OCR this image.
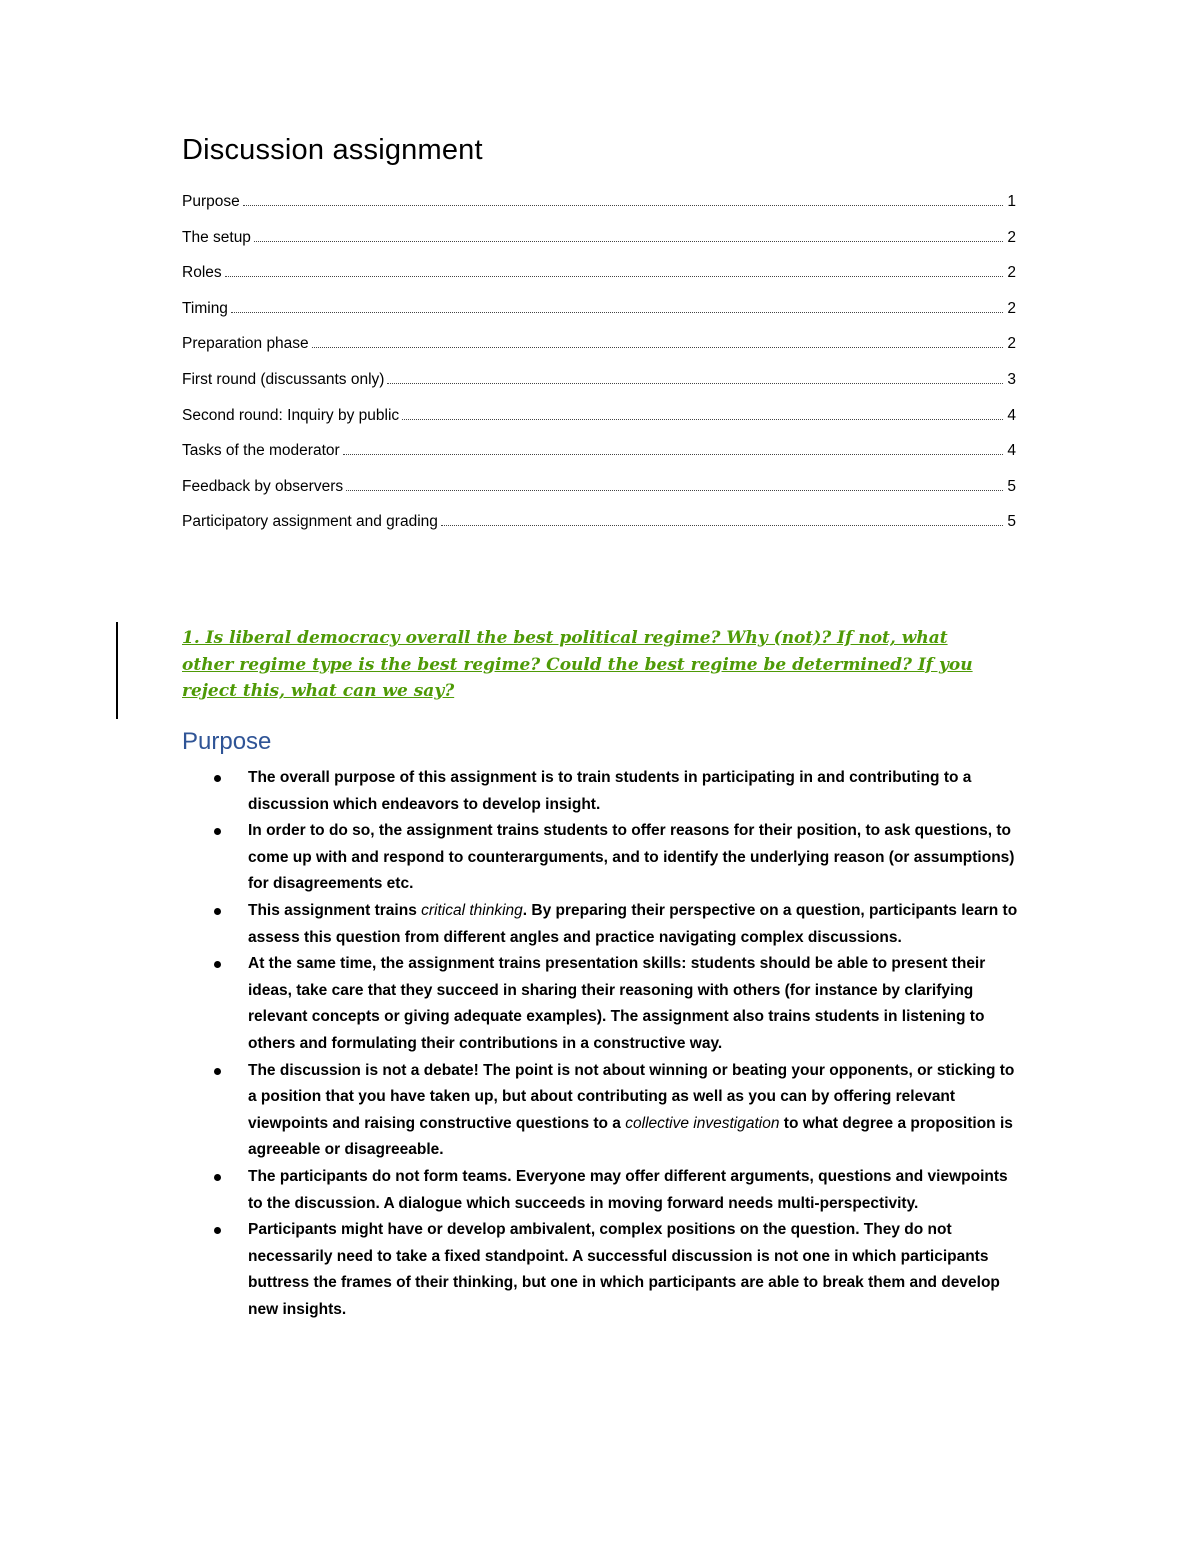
Discussion assignment
Purpose	1
The setup	2
Roles	2
Timing	2
Preparation phase	2
First round (discussants only)	3
Second round: Inquiry by public	4
Tasks of the moderator	4
Feedback by observers	5
Participatory assignment and grading	5

1. Is liberal democracy overall the best political regime? Why (not)? If not, what other regime type is the best regime? Could the best regime be determined? If you reject this, what can we say?

Purpose
The overall purpose of this assignment is to train students in participating in and contributing to a discussion which endeavors to develop insight.
In order to do so, the assignment trains students to offer reasons for their position, to ask questions, to come up with and respond to counterarguments, and to identify the underlying reason (or assumptions) for disagreements etc.
This assignment trains critical thinking. By preparing their perspective on a question, participants learn to assess this question from different angles and practice navigating complex discussions.
At the same time, the assignment trains presentation skills: students should be able to present their ideas, take care that they succeed in sharing their reasoning with others (for instance by clarifying relevant concepts or giving adequate examples). The assignment also trains students in listening to others and formulating their contributions in a constructive way.
The discussion is not a debate! The point is not about winning or beating your opponents, or sticking to a position that you have taken up, but about contributing as well as you can by offering relevant viewpoints and raising constructive questions to a collective investigation to what degree a proposition is agreeable or disagreeable.
The participants do not form teams. Everyone may offer different arguments, questions and viewpoints to the discussion. A dialogue which succeeds in moving forward needs multi-perspectivity.
Participants might have or develop ambivalent, complex positions on the question. They do not necessarily need to take a fixed standpoint. A successful discussion is not one in which participants buttress the frames of their thinking, but one in which participants are able to break them and develop new insights.
